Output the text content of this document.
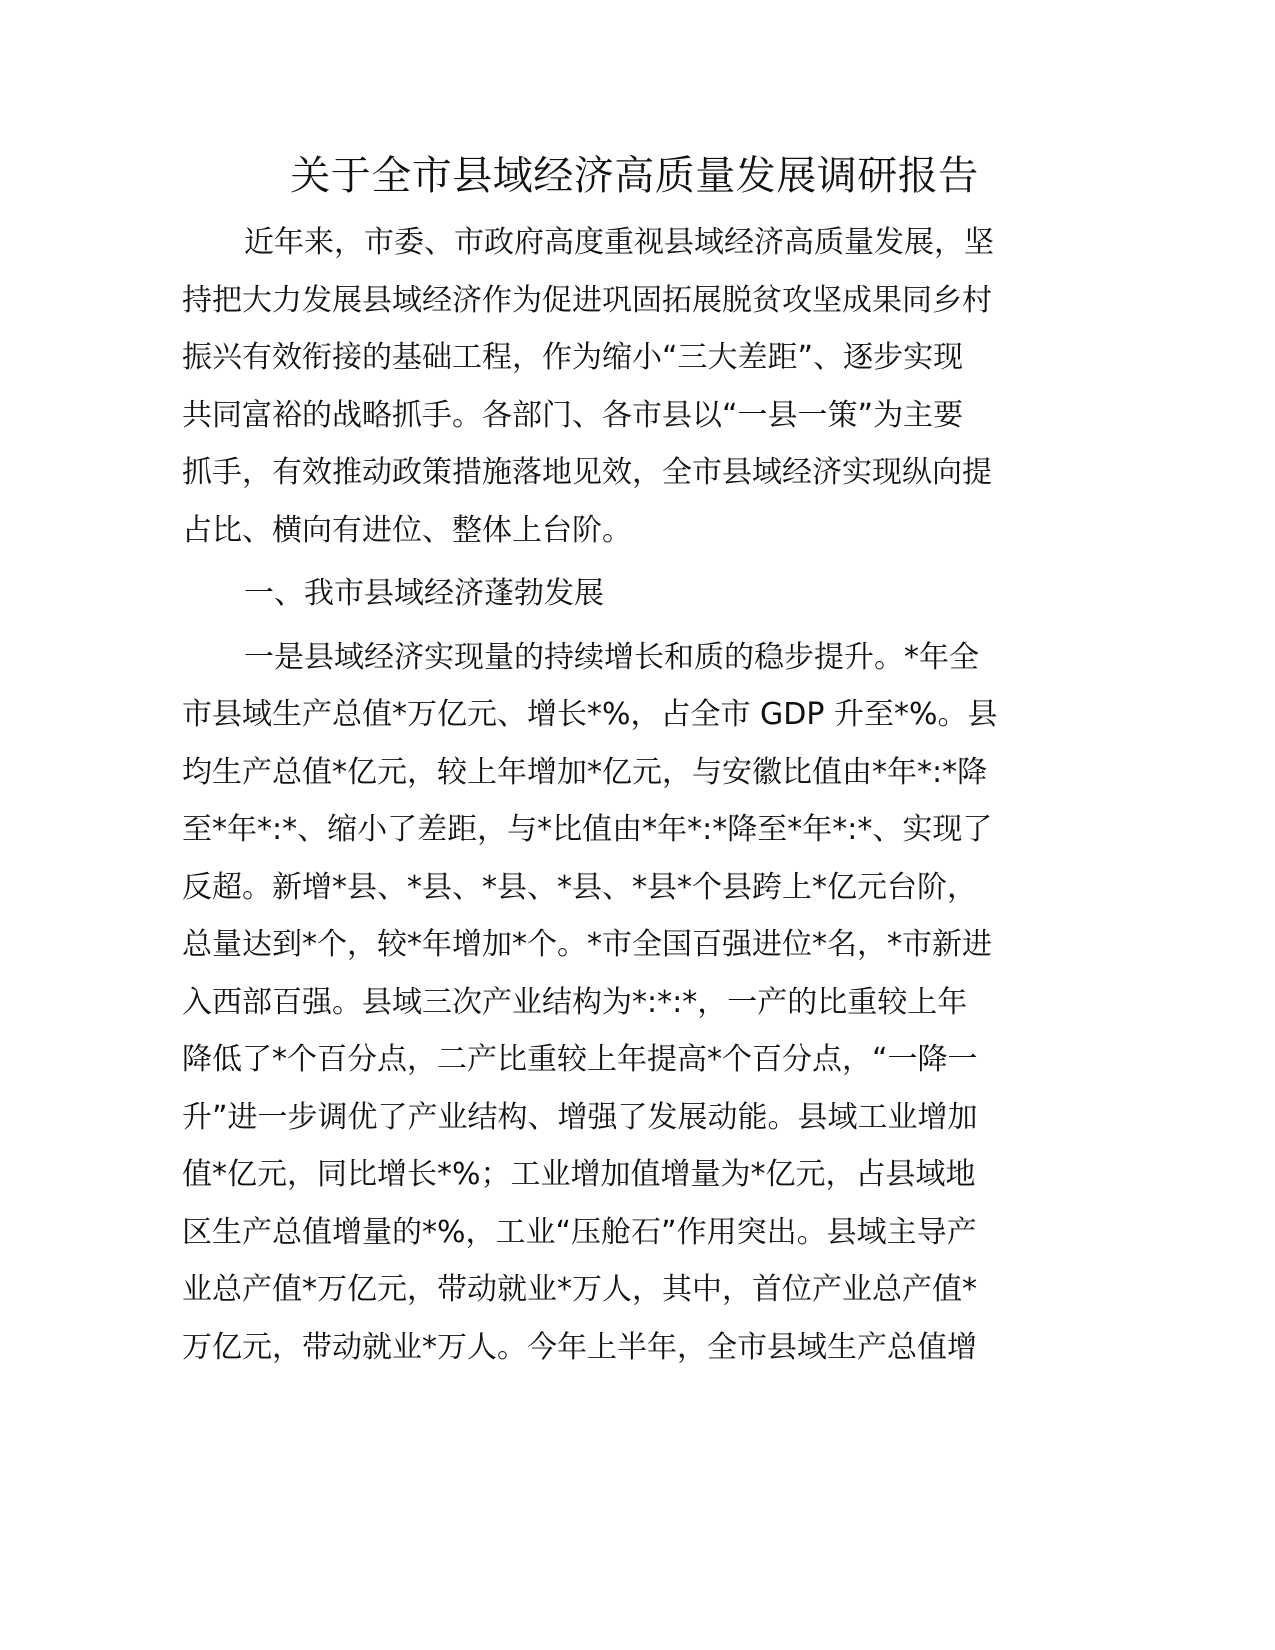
关于全市县域经济高质量发展调研报告

近年来，市委、市政府高度重视县域经济高质量发展，坚
持把大力发展县域经济作为促进巩固拓展脱贫攻坚成果同乡村
振兴有效衔接的基础工程，作为缩小“三大差距”、逐步实现
共同富裕的战略抓手。各部门、各市县以“一县一策”为主要
抓手，有效推动政策措施落地见效，全市县域经济实现纵向提
占比、横向有进位、整体上台阶。

一、我市县域经济蓬勃发展

一是县域经济实现量的持续增长和质的稳步提升。*年全
市县域生产总值*万亿元、增长*%，占全市 GDP 升至*%。县
均生产总值*亿元，较上年增加*亿元，与安徽比值由*年*:*降
至*年*:*、缩小了差距，与*比值由*年*:*降至*年*:*、实现了
反超。新增*县、*县、*县、*县、*县*个县跨上*亿元台阶，
总量达到*个，较*年增加*个。*市全国百强进位*名，*市新进
入西部百强。县域三次产业结构为*:*:*，一产的比重较上年
降低了*个百分点，二产比重较上年提高*个百分点，“一降一
升”进一步调优了产业结构、增强了发展动能。县域工业增加
值*亿元，同比增长*%；工业增加值增量为*亿元，占县域地
区生产总值增量的*%，工业“压舱石”作用突出。县域主导产
业总产值*万亿元，带动就业*万人，其中，首位产业总产值*
万亿元，带动就业*万人。今年上半年，全市县域生产总值增
